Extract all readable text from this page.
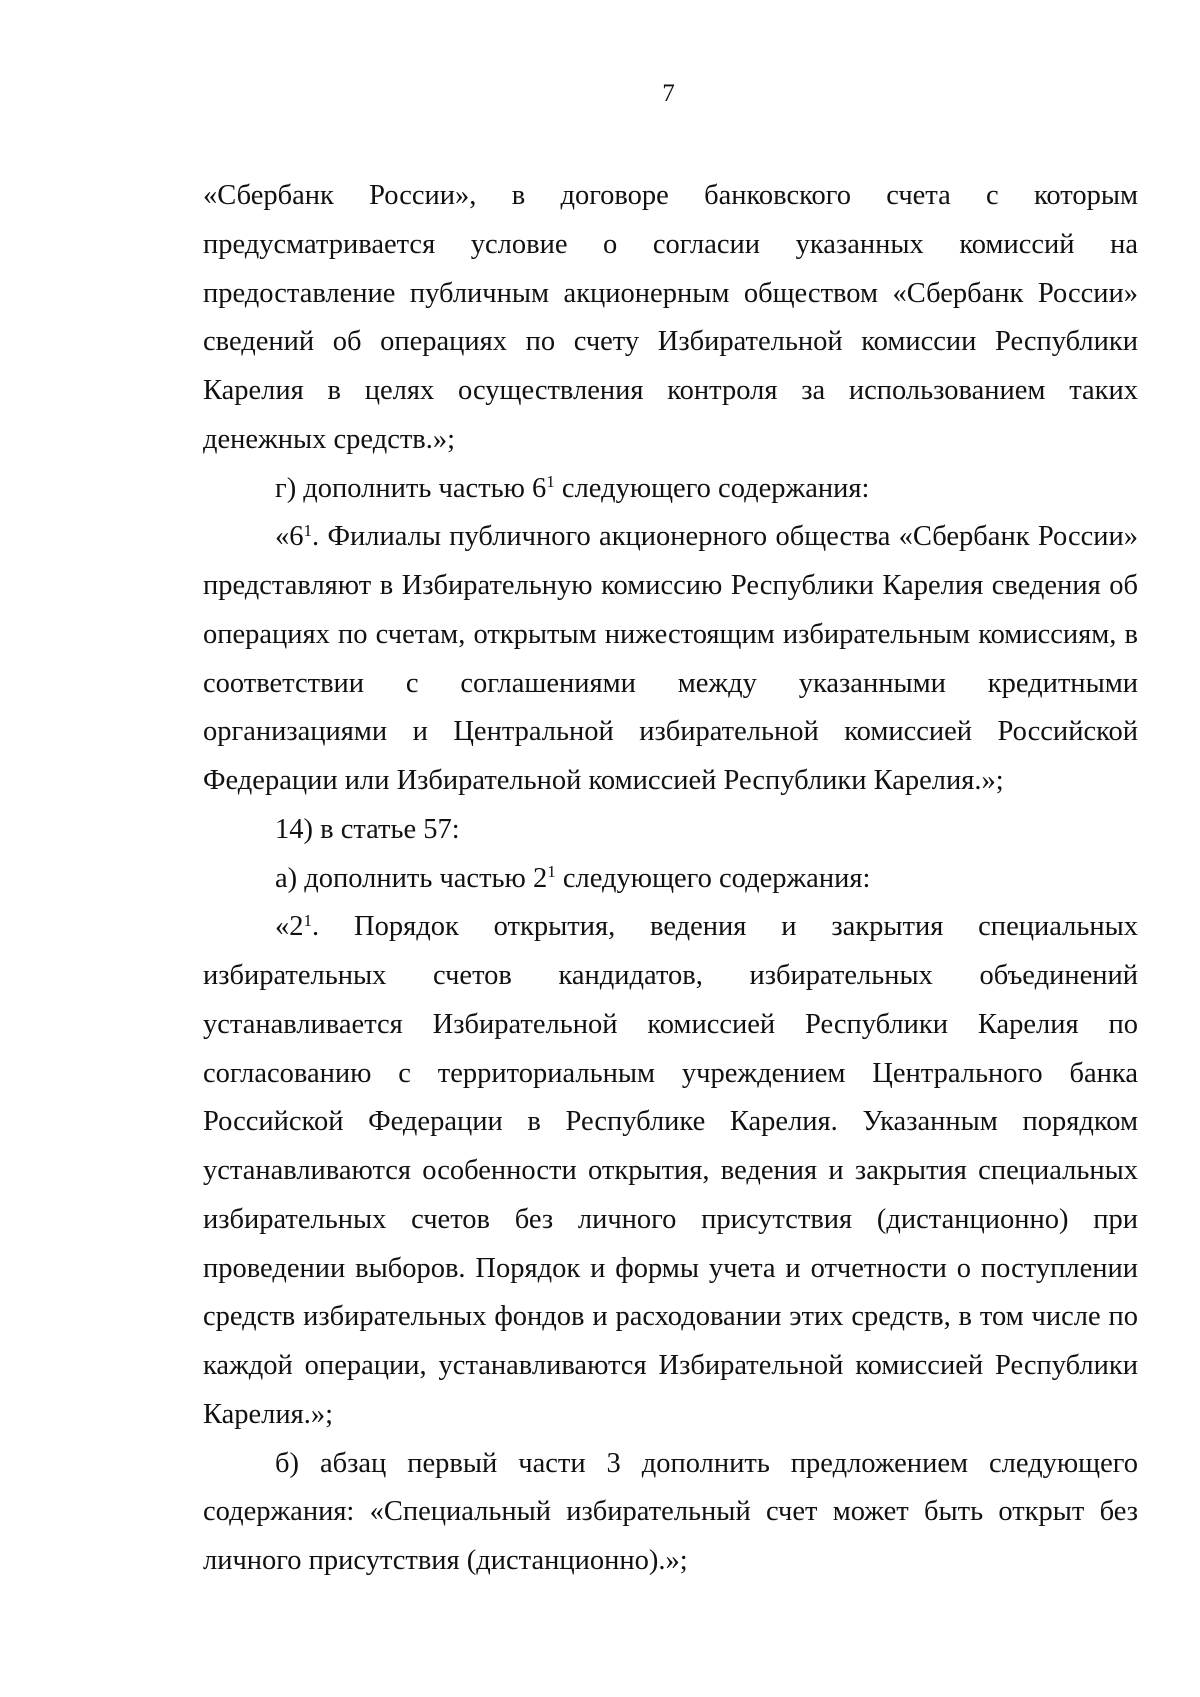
7

«Сбербанк России», в договоре банковского счета с которым предусматривается условие о согласии указанных комиссий на предоставление публичным акционерным обществом «Сбербанк России» сведений об операциях по счету Избирательной комиссии Республики Карелия в целях осуществления контроля за использованием таких денежных средств.»;

г) дополнить частью $6^1$ следующего содержания:

«$6^1$. Филиалы публичного акционерного общества «Сбербанк России» представляют в Избирательную комиссию Республики Карелия сведения об операциях по счетам, открытым нижестоящим избирательным комиссиям, в соответствии с соглашениями между указанными кредитными организациями и Центральной избирательной комиссией Российской Федерации или Избирательной комиссией Республики Карелия.»;

14) в статье 57:

а) дополнить частью $2^1$ следующего содержания:

«$2^1$. Порядок открытия, ведения и закрытия специальных избирательных счетов кандидатов, избирательных объединений устанавливается Избирательной комиссией Республики Карелия по согласованию с территориальным учреждением Центрального банка Российской Федерации в Республике Карелия. Указанным порядком устанавливаются особенности открытия, ведения и закрытия специальных избирательных счетов без личного присутствия (дистанционно) при проведении выборов. Порядок и формы учета и отчетности о поступлении средств избирательных фондов и расходовании этих средств, в том числе по каждой операции, устанавливаются Избирательной комиссией Республики Карелия.»;

б) абзац первый части 3 дополнить предложением следующего содержания: «Специальный избирательный счет может быть открыт без личного присутствия (дистанционно).»;
